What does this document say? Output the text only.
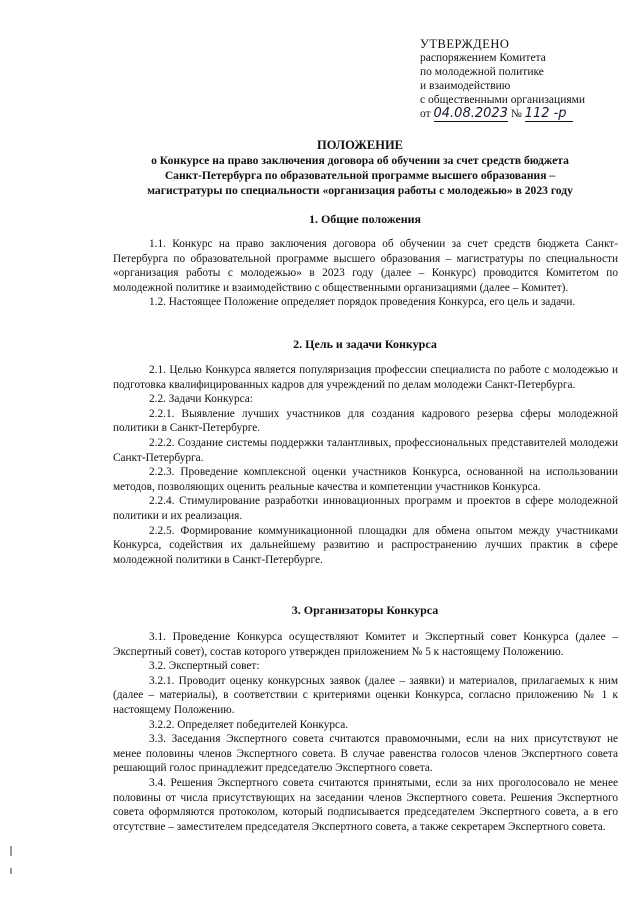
УТВЕРЖДЕНО
распоряжением Комитета
по молодежной политике
и взаимодействию
с общественными организациями
от 04.08.2023 № 112 -р
ПОЛОЖЕНИЕ
о Конкурсе на право заключения договора об обучении за счет средств бюджета
Санкт-Петербурга по образовательной программе высшего образования –
магистратуры по специальности «организация работы с молодежью» в 2023 году
1. Общие положения

1.1. Конкурс на право заключения договора об обучении за счет средств бюджета Санкт-Петербурга по образовательной программе высшего образования – магистратуры по специальности «организация работы с молодежью» в 2023 году (далее – Конкурс) проводится Комитетом по молодежной политике и взаимодействию с общественными организациями (далее – Комитет).

1.2. Настоящее Положение определяет порядок проведения Конкурса, его цель и задачи.

2. Цель и задачи Конкурса

2.1. Целью Конкурса является популяризация профессии специалиста по работе с молодежью и подготовка квалифицированных кадров для учреждений по делам молодежи Санкт-Петербурга.

2.2. Задачи Конкурса:

2.2.1. Выявление лучших участников для создания кадрового резерва сферы молодежной политики в Санкт-Петербурге.

2.2.2. Создание системы поддержки талантливых, профессиональных представителей молодежи Санкт-Петербурга.

2.2.3. Проведение комплексной оценки участников Конкурса, основанной на использовании методов, позволяющих оценить реальные качества и компетенции участников Конкурса.

2.2.4. Стимулирование разработки инновационных программ и проектов в сфере молодежной политики и их реализация.

2.2.5. Формирование коммуникационной площадки для обмена опытом между участниками Конкурса, содействия их дальнейшему развитию и распространению лучших практик в сфере молодежной политики в Санкт-Петербурге.

3. Организаторы Конкурса

3.1. Проведение Конкурса осуществляют Комитет и Экспертный совет Конкурса (далее – Экспертный совет), состав которого утвержден приложением № 5 к настоящему Положению.

3.2. Экспертный совет:

3.2.1. Проводит оценку конкурсных заявок (далее – заявки) и материалов, прилагаемых к ним (далее – материалы), в соответствии с критериями оценки Конкурса, согласно приложению № 1 к настоящему Положению.

3.2.2. Определяет победителей Конкурса.

3.3. Заседания Экспертного совета считаются правомочными, если на них присутствуют не менее половины членов Экспертного совета. В случае равенства голосов членов Экспертного совета решающий голос принадлежит председателю Экспертного совета.

3.4. Решения Экспертного совета считаются принятыми, если за них проголосовало не менее половины от числа присутствующих на заседании членов Экспертного совета. Решения Экспертного совета оформляются протоколом, который подписывается председателем Экспертного совета, а в его отсутствие – заместителем председателя Экспертного совета, а также секретарем Экспертного совета.
